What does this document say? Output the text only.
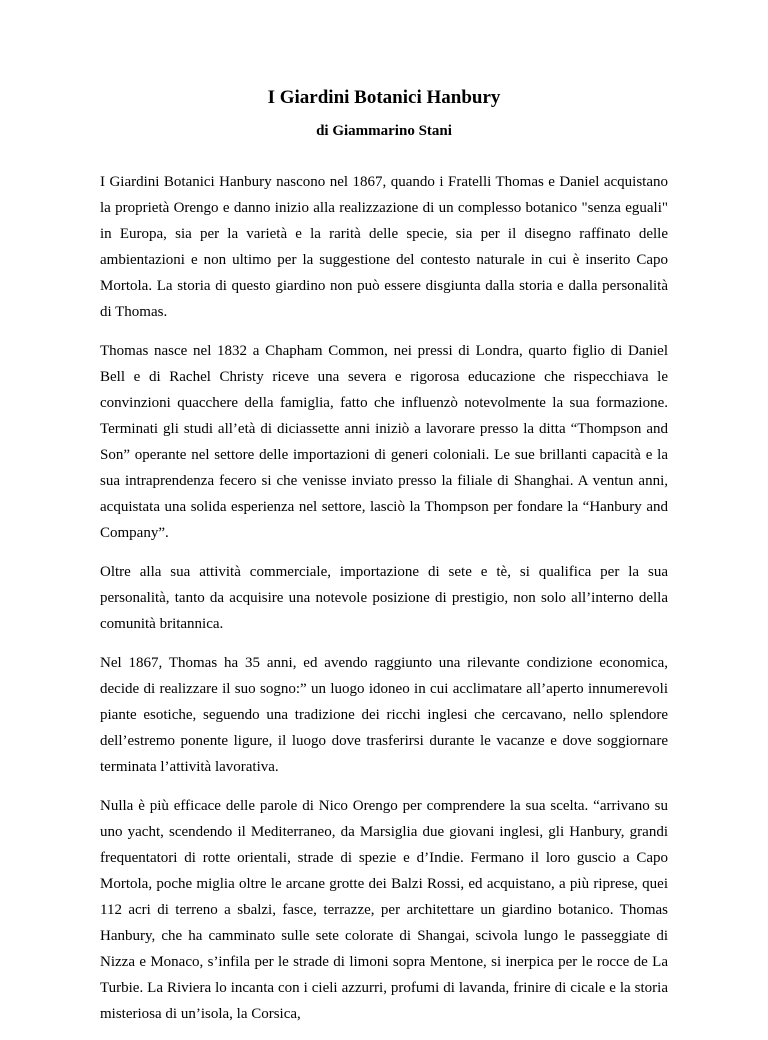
I Giardini Botanici Hanbury
di Giammarino Stani

I Giardini Botanici Hanbury nascono nel 1867, quando i Fratelli Thomas e Daniel acquistano la proprietà Orengo e danno inizio alla realizzazione di un complesso botanico "senza eguali" in Europa, sia per la varietà e la rarità delle specie, sia per il disegno raffinato delle ambientazioni e non ultimo per la suggestione del contesto naturale in cui è inserito Capo Mortola. La storia di questo giardino non può essere disgiunta dalla storia e dalla personalità di Thomas.

Thomas nasce nel 1832 a Chapham Common, nei pressi di Londra, quarto figlio di Daniel Bell e di Rachel Christy riceve una severa e rigorosa educazione che rispecchiava le convinzioni quacchere della famiglia, fatto che influenzò notevolmente la sua formazione. Terminati gli studi all’età di diciassette anni iniziò a lavorare presso la ditta “Thompson and Son” operante nel settore delle importazioni di generi coloniali. Le sue brillanti capacità e la sua intraprendenza fecero si che venisse inviato presso la filiale di Shanghai. A ventun anni, acquistata una solida esperienza nel settore, lasciò la Thompson per fondare la “Hanbury and Company”.

Oltre alla sua attività commerciale, importazione di sete e tè, si qualifica per la sua personalità, tanto da acquisire una notevole posizione di prestigio, non solo all’interno della comunità britannica.

Nel 1867, Thomas ha 35 anni, ed avendo raggiunto una rilevante condizione economica, decide di realizzare il suo sogno:” un luogo idoneo in cui acclimatare all’aperto innumerevoli piante esotiche, seguendo una tradizione dei ricchi inglesi che cercavano, nello splendore dell’estremo ponente ligure, il luogo dove trasferirsi durante le vacanze e dove soggiornare terminata l’attività lavorativa.

Nulla è più efficace delle parole di Nico Orengo per comprendere la sua scelta. “arrivano su uno yacht, scendendo il Mediterraneo, da Marsiglia due giovani inglesi, gli Hanbury, grandi frequentatori di rotte orientali, strade di spezie e d’Indie. Fermano il loro guscio a Capo Mortola, poche miglia oltre le arcane grotte dei Balzi Rossi, ed acquistano, a più riprese, quei 112 acri di terreno a sbalzi, fasce, terrazze, per architettare un giardino botanico. Thomas Hanbury, che ha camminato sulle sete colorate di Shangai, scivola lungo le passeggiate di Nizza e Monaco, s’infila per le strade di limoni sopra Mentone, si inerpica per le rocce de La Turbie. La Riviera lo incanta con i cieli azzurri, profumi di lavanda, frinire di cicale e la storia misteriosa di un’isola, la Corsica,
